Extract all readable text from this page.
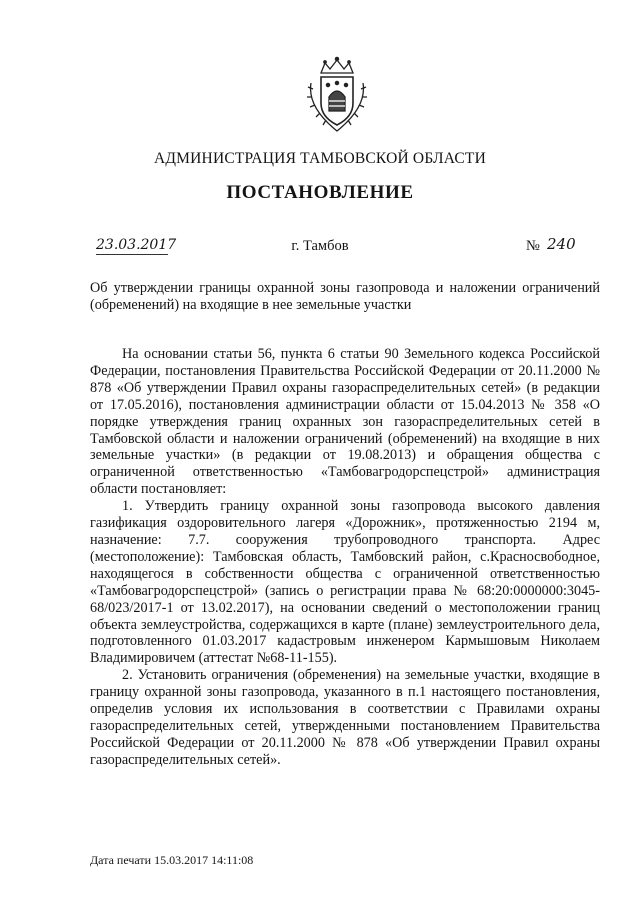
АДМИНИСТРАЦИЯ ТАМБОВСКОЙ ОБЛАСТИ
ПОСТАНОВЛЕНИЕ
23.03.2017	г. Тамбов	№ 240
Об утверждении границы охранной зоны газопровода и наложении ограничений (обременений) на входящие в нее земельные участки

На основании статьи 56, пункта 6 статьи 90 Земельного кодекса Российской Федерации, постановления Правительства Российской Федерации от 20.11.2000 № 878 «Об утверждении Правил охраны газораспределительных сетей» (в редакции от 17.05.2016), постановления администрации области от 15.04.2013 № 358 «О порядке утверждения границ охранных зон газораспределительных сетей в Тамбовской области и наложении ограничений (обременений) на входящие в них земельные участки» (в редакции от 19.08.2013) и обращения общества с ограниченной ответственностью «Тамбовагродорспецстрой» администрация области постановляет:

1. Утвердить границу охранной зоны газопровода высокого давления газификация оздоровительного лагеря «Дорожник», протяженностью 2194 м, назначение: 7.7. сооружения трубопроводного транспорта. Адрес (местоположение): Тамбовская область, Тамбовский район, с.Красносвободное, находящегося в собственности общества с ограниченной ответственностью «Тамбовагродорспецстрой» (запись о регистрации права № 68:20:0000000:3045-68/023/2017-1 от 13.02.2017), на основании сведений о местоположении границ объекта землеустройства, содержащихся в карте (плане) землеустроительного дела, подготовленного 01.03.2017 кадастровым инженером Кармышовым Николаем Владимировичем (аттестат №68-11-155).

2. Установить ограничения (обременения) на земельные участки, входящие в границу охранной зоны газопровода, указанного в п.1 настоящего постановления, определив условия их использования в соответствии с Правилами охраны газораспределительных сетей, утвержденными постановлением Правительства Российской Федерации от 20.11.2000 № 878 «Об утверждении Правил охраны газораспределительных сетей».

Дата печати 15.03.2017 14:11:08
